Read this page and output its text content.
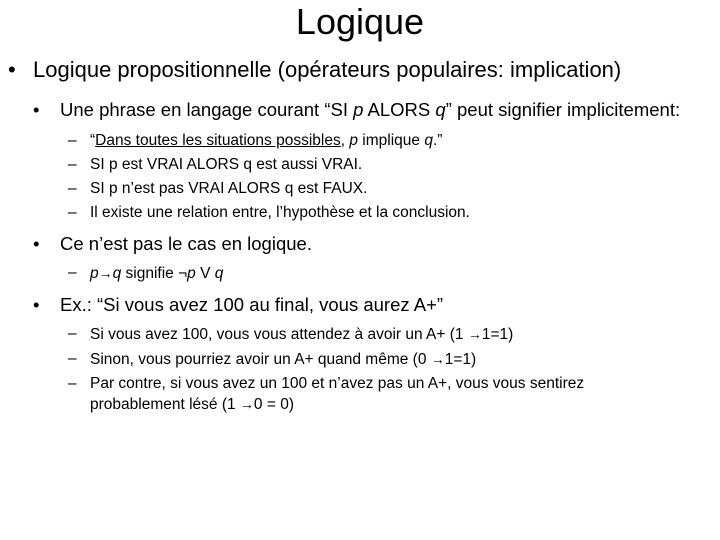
Logique
• Logique propositionnelle (opérateurs populaires: implication)
• Une phrase en langage courant “SI p ALORS q” peut signifier implicitement:
– “Dans toutes les situations possibles, p implique q.”
– SI p est VRAI ALORS q est aussi VRAI.
– SI p n’est pas VRAI ALORS q est FAUX.
– Il existe une relation entre, l’hypothèse et la conclusion.
• Ce n’est pas le cas en logique.
– p→q signifie ¬p V q
• Ex.: “Si vous avez 100 au final, vous aurez A+”
– Si vous avez 100, vous vous attendez à avoir un A+ (1 →1=1)
– Sinon, vous pourriez avoir un A+ quand même (0 →1=1)
– Par contre, si vous avez un 100 et n’avez pas un A+, vous vous sentirez probablement lésé (1 →0 = 0)
